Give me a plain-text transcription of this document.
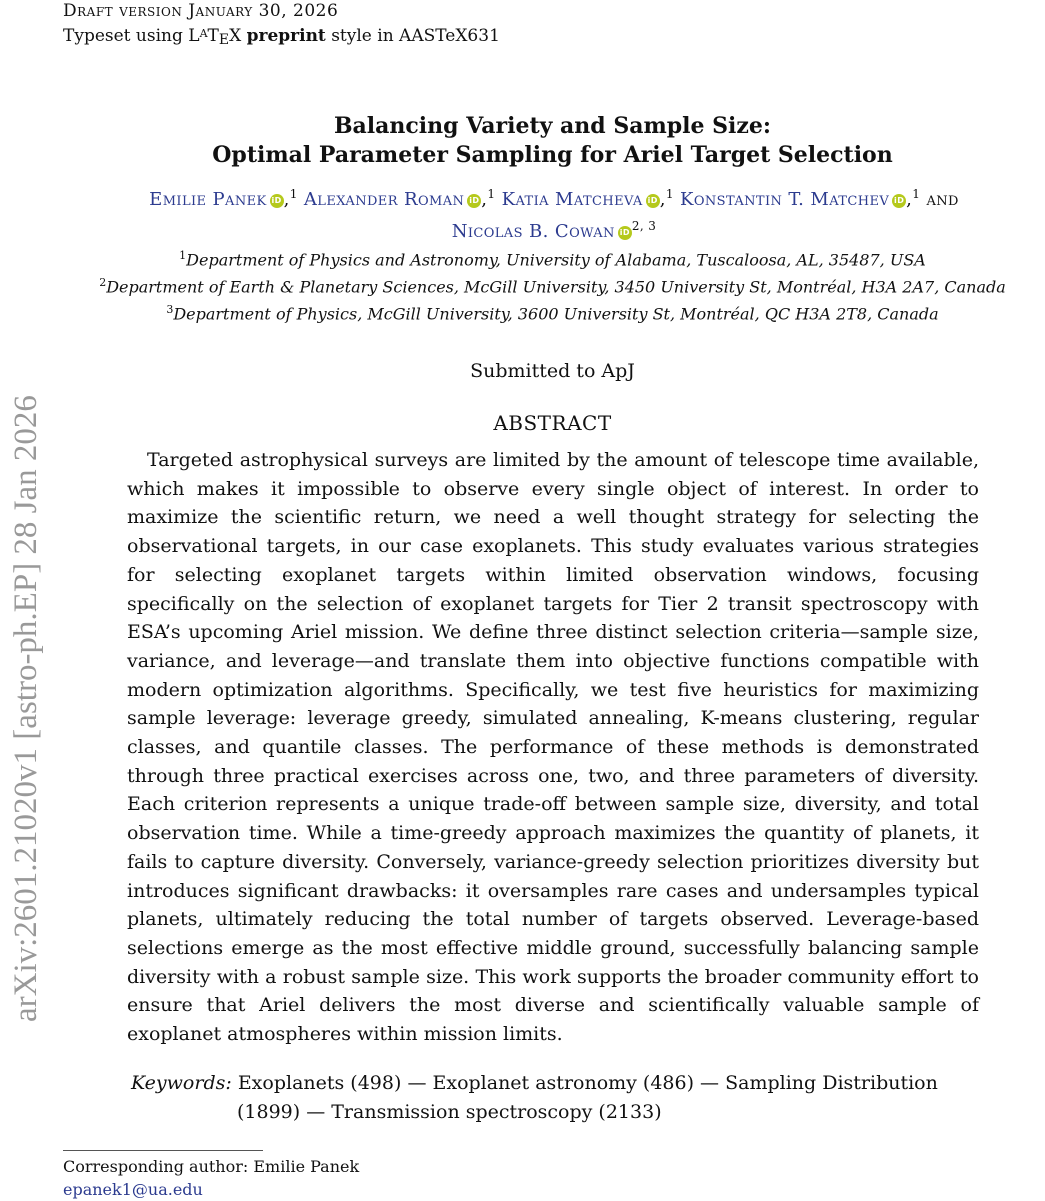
Draft version January 30, 2026
Typeset using $L^AT_EX$ preprint style in AASTeX631
arXiv:2601.21020v1 [astro-ph.EP] 28 Jan 2026
Balancing Variety and Sample Size:
Optimal Parameter Sampling for Ariel Target Selection
Emilie Panek iD ,$^1$ Alexander Roman iD ,$^1$ Katia Matcheva iD ,$^1$ Konstantin T. Matchev iD ,$^1$ and
Nicolas B. Cowan iD $^{2, 3}$
$^1$Department of Physics and Astronomy, University of Alabama, Tuscaloosa, AL, 35487, USA
$^2$Department of Earth & Planetary Sciences, McGill University, 3450 University St, Montréal, H3A 2A7, Canada
$^3$Department of Physics, McGill University, 3600 University St, Montréal, QC H3A 2T8, Canada
Submitted to ApJ
ABSTRACT
Targeted astrophysical surveys are limited by the amount of telescope time available, which makes it impossible to observe every single object of interest. In order to maximize the scientific return, we need a well thought strategy for selecting the observational targets, in our case exoplanets. This study evaluates various strategies for selecting exoplanet targets within limited observation windows, focusing specifically on the selection of exoplanet targets for Tier 2 transit spectroscopy with ESA’s upcoming Ariel mission. We define three distinct selection criteria—sample size, variance, and leverage—and translate them into objective functions compatible with modern optimization algorithms. Specifically, we test five heuristics for maximizing sample leverage: leverage greedy, simulated annealing, K-means clustering, regular classes, and quantile classes. The performance of these methods is demonstrated through three practical exercises across one, two, and three parameters of diversity. Each criterion represents a unique trade-off between sample size, diversity, and total observation time. While a time-greedy approach maximizes the quantity of planets, it fails to capture diversity. Conversely, variance-greedy selection prioritizes diversity but introduces significant drawbacks: it oversamples rare cases and undersamples typical planets, ultimately reducing the total number of targets observed. Leverage-based selections emerge as the most effective middle ground, successfully balancing sample diversity with a robust sample size. This work supports the broader community effort to ensure that Ariel delivers the most diverse and scientifically valuable sample of exoplanet atmospheres within mission limits.
Keywords: Exoplanets (498) — Exoplanet astronomy (486) — Sampling Distribution
(1899) — Transmission spectroscopy (2133)
Corresponding author: Emilie Panek
epanek1@ua.edu
